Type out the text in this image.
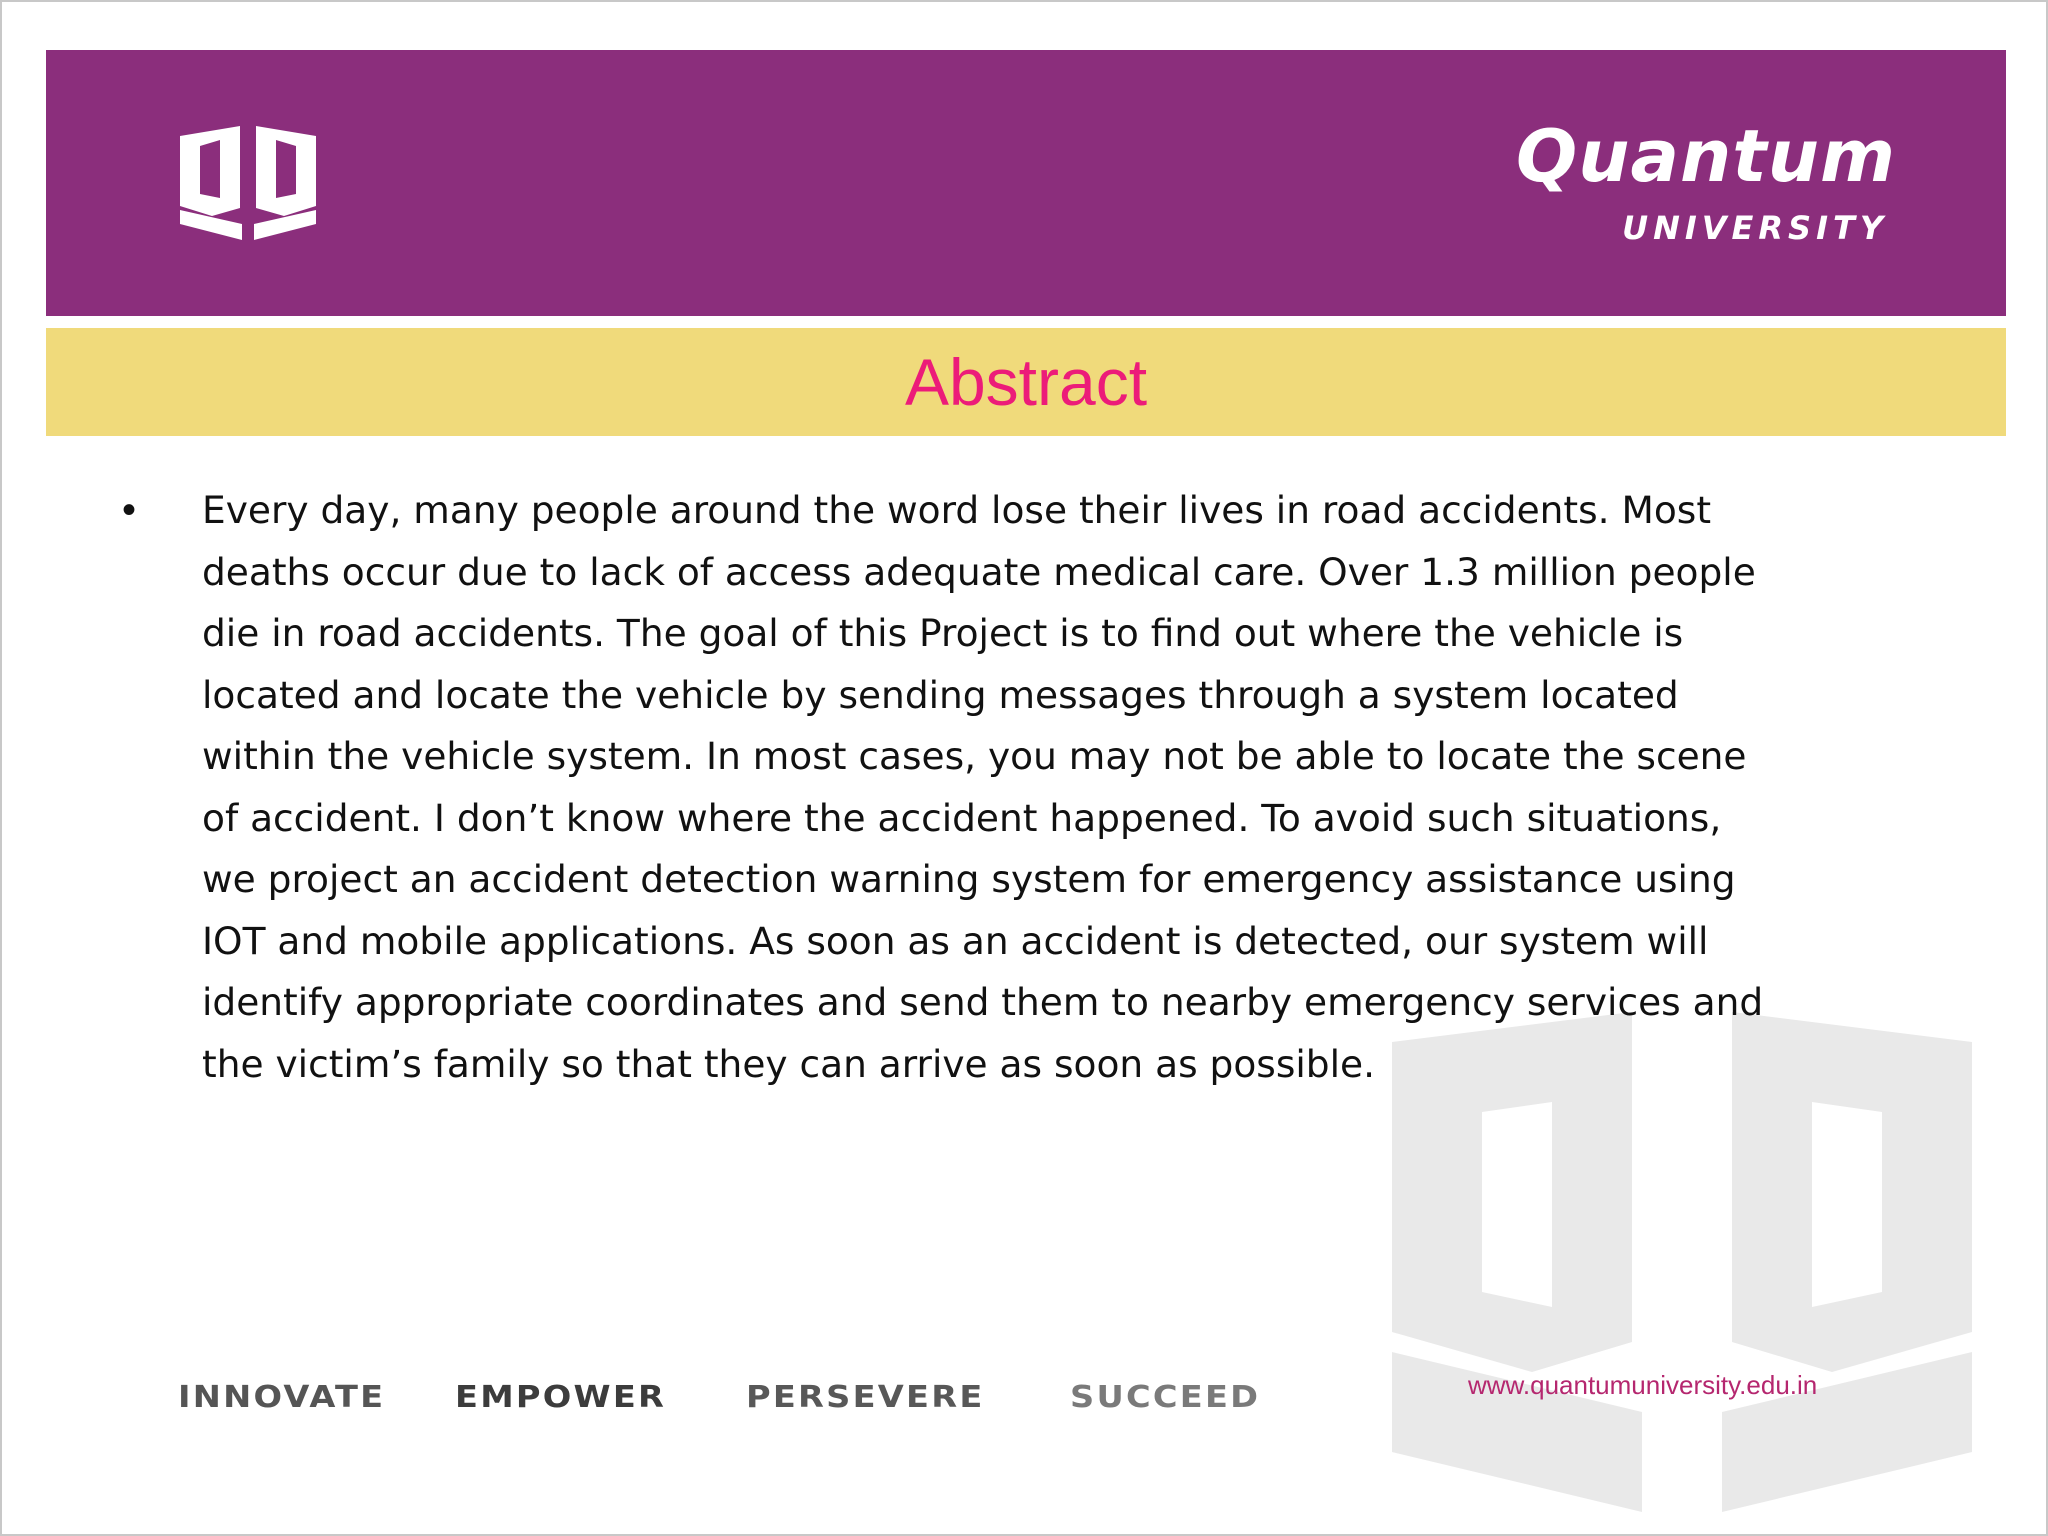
Quantum
UNIVERSITY
Abstract
• Every day, many people around the word lose their lives in road accidents. Most
deaths occur due to lack of access adequate medical care. Over 1.3 million people
die in road accidents. The goal of this Project is to find out where the vehicle is
located and locate the vehicle by sending messages through a system located
within the vehicle system. In most cases, you may not be able to locate the scene
of accident. I don’t know where the accident happened. To avoid such situations,
we project an accident detection warning system for emergency assistance using
IOT and mobile applications. As soon as an accident is detected, our system will
identify appropriate coordinates and send them to nearby emergency services and
the victim’s family so that they can arrive as soon as possible.
INNOVATE EMPOWER	PERSEVERE	SUCCEED	www.quantumuniversity.edu.in
